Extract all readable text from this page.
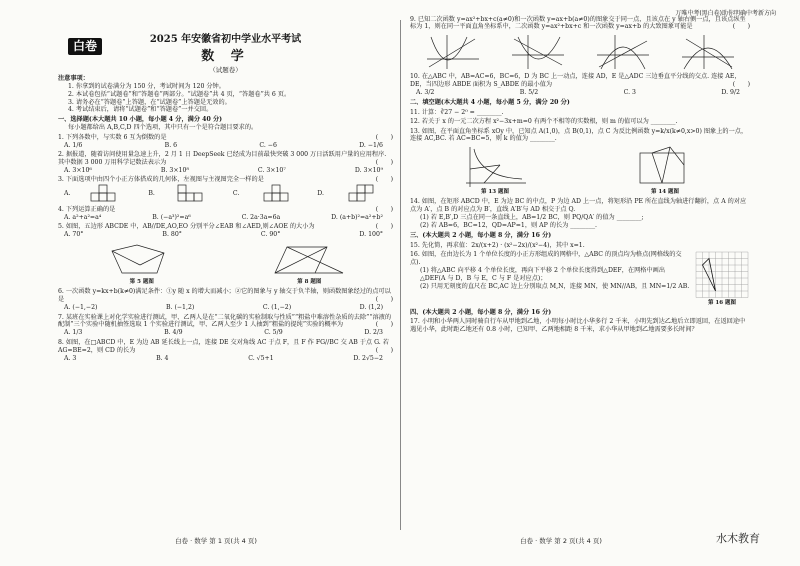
万唯中考(黑白卷)助你明确中考新方向
白卷	2025 年安徽省初中学业水平考试
数 学
（试题卷）

注意事项：

1. 你拿到的试卷满分为 150 分，考试时间为 120 分钟。

2. 本试卷包括“试题卷”和“答题卷”两部分。“试题卷”共 4 页，“答题卷”共 6 页。

3. 请务必在“答题卷”上答题，在“试题卷”上答题是无效的。

4. 考试结束后，请将“试题卷”和“答题卷”一并交回。

一、选择题(本大题共 10 小题，每小题 4 分，满分 40 分)

每小题都给出 A,B,C,D 四个选项，其中只有一个是符合题目要求的。

1. 下列各数中，与实数 6 互为倒数的是	(　　)

A. 1/6	B. 6	C. −6	D. −1/6

2. 据报道，随着访问使用量急速上升，2 月 1 日 DeepSeek 已经成为目前最快突破 3 000 万日活跃用户量的应用程序. 其中数据 3 000 万用科学记数法表示为	(　　)

A. 3×10⁶	B. 3×10⁸	C. 3×10⁷	D. 3×10⁹

3. 下面选项中由四个小正方体搭成的几何体，左视图与主视图完全一样的是	(　　)

A.	B.	C.	D.

4. 下列运算正确的是	(　　)

A. a²+a²=a⁴	B. (−a³)²=a⁶	C. 2a·3a=6a	D. (a+b)²=a²+b²

5. 如图，五边形 ABCDE 中，AB//DE,AO,EO 分别平分∠EAB 和∠AED,则∠AOE 的大小为	(　　)

A. 70°	B. 80°	C. 90°	D. 100°
第 5 题图	第 8 题图

6. 一次函数 y=kx+b(k≠0)满足条件：①y 随 x 的增大而减小；②它的图象与 y 轴交于负半轴，则函数图象经过的点可以是	(　　)

A. (−1,−2)	B. (−1,2)	C. (1,−2)	D. (1,2)

7. 某班在实验课上对化学实验进行测试，甲、乙两人是在“二氧化碳的实验制取与性质”“粗盐中难溶性杂质的去除”“溶液的配制”三个实验中随机抽签选取 1 个实验进行测试，甲、乙两人至少 1 人抽到“粗盐的提纯”实验的概率为	(　　)

A. 1/3	B. 4/9	C. 5/9	D. 2/3

8. 如图，在□ABCD 中，E 为边 AB 延长线上一点，连接 DE 交对角线 AC 于点 F，且 F 作 FG//BC 交 AB 于点 G. 若 AG=BE=2，则 CD 的长为	(　　)

A. 3	B. 4	C. √5+1	D. 2√5−2
白卷 · 数学 第 1 页(共 4 页)

9. 已知二次函数 y=ax²+bx+c(a≠0)和一次函数 y=ax+b(a≠0)的图象交于同一点，且该点在 y 轴右侧一点，且该点纵坐标为 1，则在同一平面直角坐标系中，二次函数 y=ax²+bx+c 和一次函数 y=ax+b 的大致图象可能是	(　　)

10. 在△ABC 中，AB=AC=6，BC=6，D 为 BC 上一动点，连接 AD，E 是△ADC 三边垂直平分线的交点. 连接 AE，DE，当四边形 ABDE 面积为 S_ABDE 的最小值为	(　　)

A. 3/2	B. 5/2	C. 3	D. 9/2

二、填空题(本大题共 4 小题，每小题 5 分，满分 20 分)

11. 计算：∛27 − 2⁰ = ________.

12. 若关于 x 的一元二次方程 x²−3x+m=0 有两个不相等的实数根，则 m 的值可以为 ________.

13. 如图，在平面直角坐标系 xOy 中，已知点 A(1,0)，点 B(0,1)，点 C 为反比例函数 y=k/x(k≠0,x>0) 图象上的一点，连接 AC,BC. 若 AC=BC=5，则 k 的值为 ________.

第 13 题图	第 14 题图

14. 如图，在矩形 ABCD 中，E 为边 BC 的中点，P 为边 AD 上一点，将矩形沿 PE 所在直线为轴进行翻折，点 A 的对应点为 A′，点 B 的对应点为 B′，直线 A′B′与 AD 相交于点 Q.

(1) 若 E,B′,D 三点在同一条直线上，AB=1/2 BC，则 PQ/QA′ 的值为 ________;

(2) 若 AB=6，BC=12，QD=AP=1，则 AP 的长为 ________.

三、(本大题共 2 小题，每小题 8 分，满分 16 分)

15. 先化简，再求值：2x/(x+2) · (x²−2x)/(x²−4)，其中 x=1.

16. 如图，在由边长为 1 个单位长度的小正方形组成的网格中，△ABC 的顶点均为格点(网格线的交点).

(1) 将△ABC 向平移 4 个单位长度，再向下平移 2 个单位长度得到△DEF，在网格中画出△DEF(A 与 D，B 与 E，C 与 F 是对应点)；

(2) 只用无刻度的直尺在 BC,AC 边上分别取点 M,N，连接 MN，使 MN//AB，且 MN=1/2 AB.

第 16 题图

四、(本大题共 2 小题，每小题 8 分，满分 16 分)

17. 小明和小华两人同时骑自行车从甲地到乙地，小明每小时比小华多行 2 千米，小明先到达乙地后立即返回，在返回途中遇见小华，此时距乙地还有 0.8 小时，已知甲、乙两地相距 8 千米，求小华从甲地到乙地需要多长时间？

白卷 · 数学 第 2 页(共 4 页)	水木教育
